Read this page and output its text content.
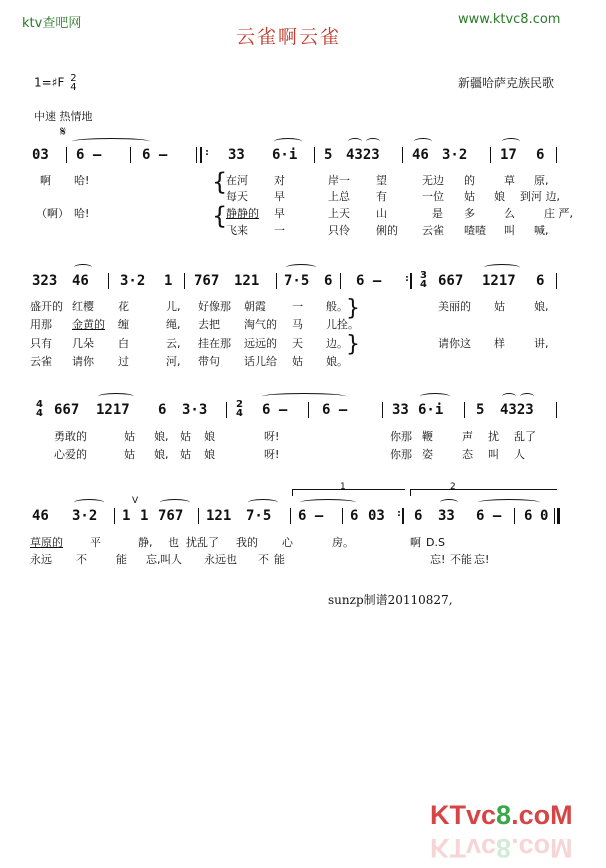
ktv查吧网
云雀啊云雀
www.ktvc8.com
1=♯F 2
4	新疆哈萨克族民歌
中速 热情地
𝄋
03 6 –	6 –	: 33 6·i 5 4323 46 3·2 17 6
啊 哈!
（啊） 哈!
{
{
在河 对	岸一 望	无边 的	草 原,
每天 早	上总 有	一位 姑 娘 到河 边,
静静的 早	上天 山	是 多	么	庄 严,
飞来 一	只伶 俐的 云雀 喳喳 叫 喊,
323 46 3·2 1 767 121 7·5 6 6 – : 3
4 667 1217 6
盛开的 红樱 花	儿, 好像那 朝霞 一 般。
用那 金黄的 缠	绳, 去把 淘气的 马 儿拴。
只有 几朵 白	云, 挂在那 远远的 天 边。
云雀 请你 过	河, 带句 话儿给 姑 娘。
}
}
美丽的 姑	娘,
请你这 样	讲,
4
4 667 1217 6 3·3	2
4 6 – 6 –	33 6·i 5 4323
勇敢的	姑 娘, 姑 娘	呀!	你那 鞭	声 扰 乱了
心爱的	姑 娘, 姑 娘	呀!	你那 姿	态 叫 人
1	2
46 3·2 1
V
1 767 121 7·5 6 – 6 03 : 6 33 6 – 6 0
草原的 平	静, 也 扰乱了 我的 心	房。	啊 D.S
永远 不	能 忘,叫人 永远也 不 能	忘! 不能 忘!
sunzp制谱20110827,
KTvc8.coM
KTvc8.coM
